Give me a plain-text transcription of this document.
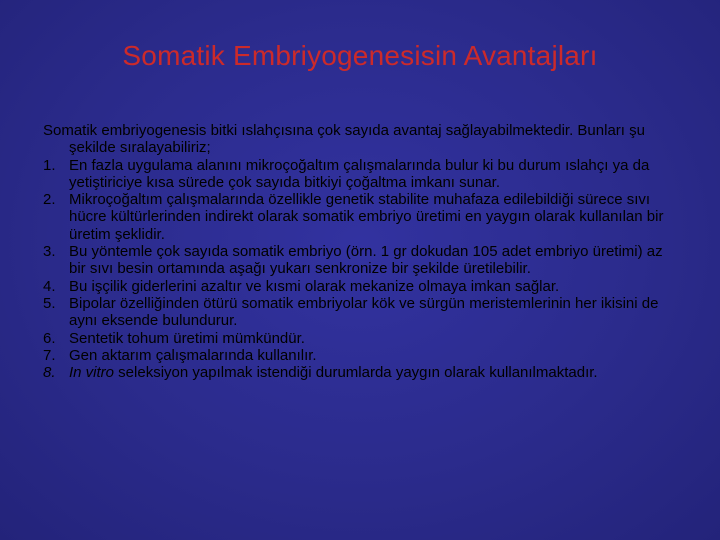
Somatik Embriyogenesisin Avantajları

Somatik embriyogenesis bitki ıslahçısına çok sayıda avantaj sağlayabilmektedir. Bunları şu şekilde sıralayabiliriz;

1. En fazla uygulama alanını mikroçoğaltım çalışmalarında bulur ki bu durum ıslahçı ya da yetiştiriciye kısa sürede çok sayıda bitkiyi çoğaltma imkanı sunar.
2. Mikroçoğaltım çalışmalarında özellikle genetik stabilite muhafaza edilebildiği sürece sıvı hücre kültürlerinden indirekt olarak somatik embriyo üretimi en yaygın olarak kullanılan bir üretim şeklidir.
3. Bu yöntemle çok sayıda somatik embriyo (örn. 1 gr dokudan 105 adet embriyo üretimi) az bir sıvı besin ortamında aşağı yukarı senkronize bir şekilde üretilebilir.
4. Bu işçilik giderlerini azaltır ve kısmi olarak mekanize olmaya imkan sağlar.
5. Bipolar özelliğinden ötürü somatik embriyolar kök ve sürgün meristemlerinin her ikisini de aynı eksende bulundurur.
6. Sentetik tohum üretimi mümkündür.
7. Gen aktarım çalışmalarında kullanılır.
8. In vitro seleksiyon yapılmak istendiği durumlarda yaygın olarak kullanılmaktadır.
